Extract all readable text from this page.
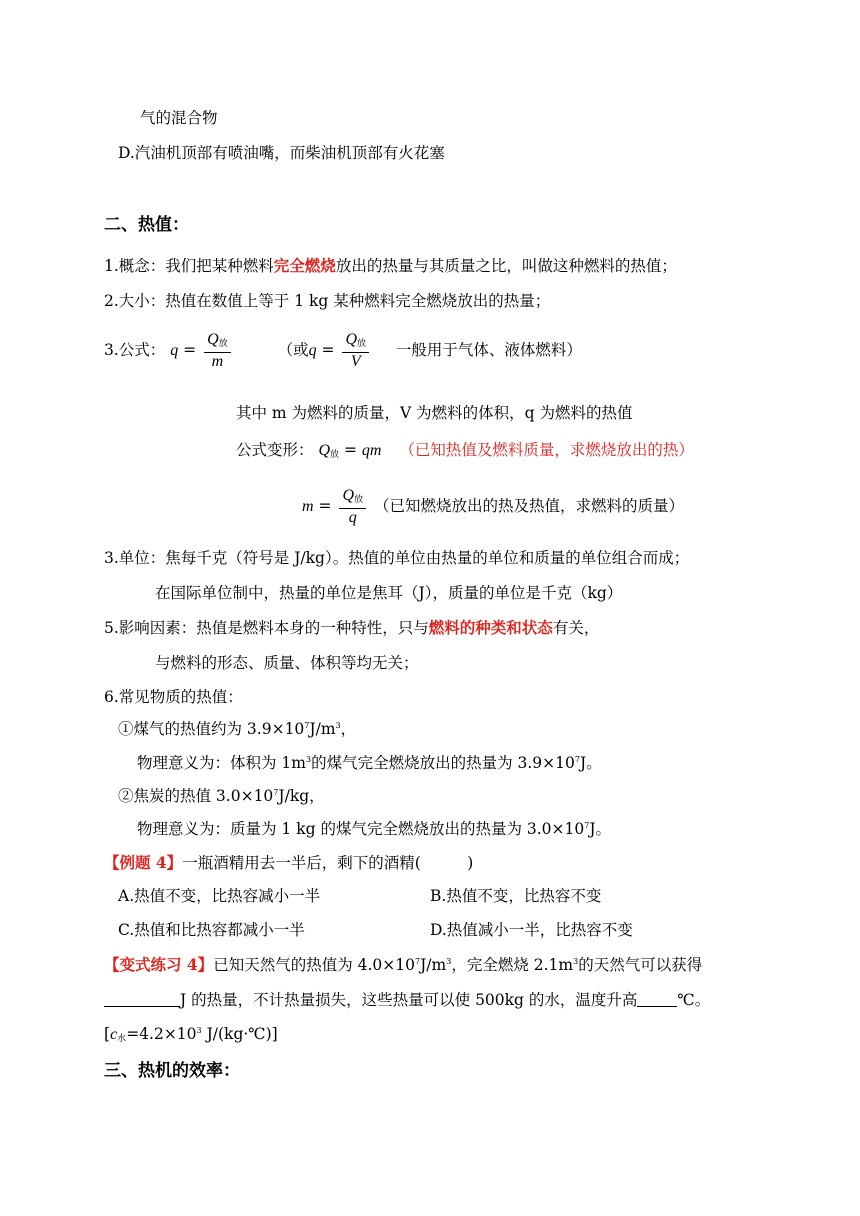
气的混合物
D.汽油机顶部有喷油嘴，而柴油机顶部有火花塞
二、热值：
1.概念：我们把某种燃料完全燃烧放出的热量与其质量之比，叫做这种燃料的热值；
2.大小：热值在数值上等于 1 kg 某种燃料完全燃烧放出的热量；
3.公式： $q = \frac{Q_放}{m}$	（或$q = \frac{Q_放}{V}$ 一般用于气体、液体燃料）
其中 m 为燃料的质量，V 为燃料的体积，q 为燃料的热值
公式变形： $Q_放$ = qm （已知热值及燃料质量，求燃烧放出的热）
$m = \frac{Q_放}{q}$ （已知燃烧放出的热及热值，求燃料的质量）
3.单位：焦每千克（符号是 J/kg）。热值的单位由热量的单位和质量的单位组合而成；
在国际单位制中，热量的单位是焦耳（J），质量的单位是千克（kg）
5.影响因素：热值是燃料本身的一种特性，只与燃料的种类和状态有关，
与燃料的形态、质量、体积等均无关；
6.常见物质的热值：
①煤气的热值约为 $3.9\times 10^7J/m^3$，
物理意义为：体积为 $1m^3$的煤气完全燃烧放出的热量为 $3.9\times 10^7J$。
②焦炭的热值 $3.0\times 10^7J/kg$，
物理意义为：质量为 1 kg 的煤气完全燃烧放出的热量为 $3.0\times 10^7J$。
【例题 4】一瓶酒精用去一半后，剩下的酒精(　　　)
A.热值不变，比热容减小一半	B.热值不变，比热容不变
C.热值和比热容都减小一半	D.热值减小一半，比热容不变
【变式练习 4】已知天然气的热值为 $4.0\times 10^7J/m^3$，完全燃烧 $2.1m^3$的天然气可以获得
J 的热量，不计热量损失，这些热量可以使 500kg 的水，温度升高	℃。
[$c_水=4.2\times 10^3$ J/(kg·℃)]
三、热机的效率：
